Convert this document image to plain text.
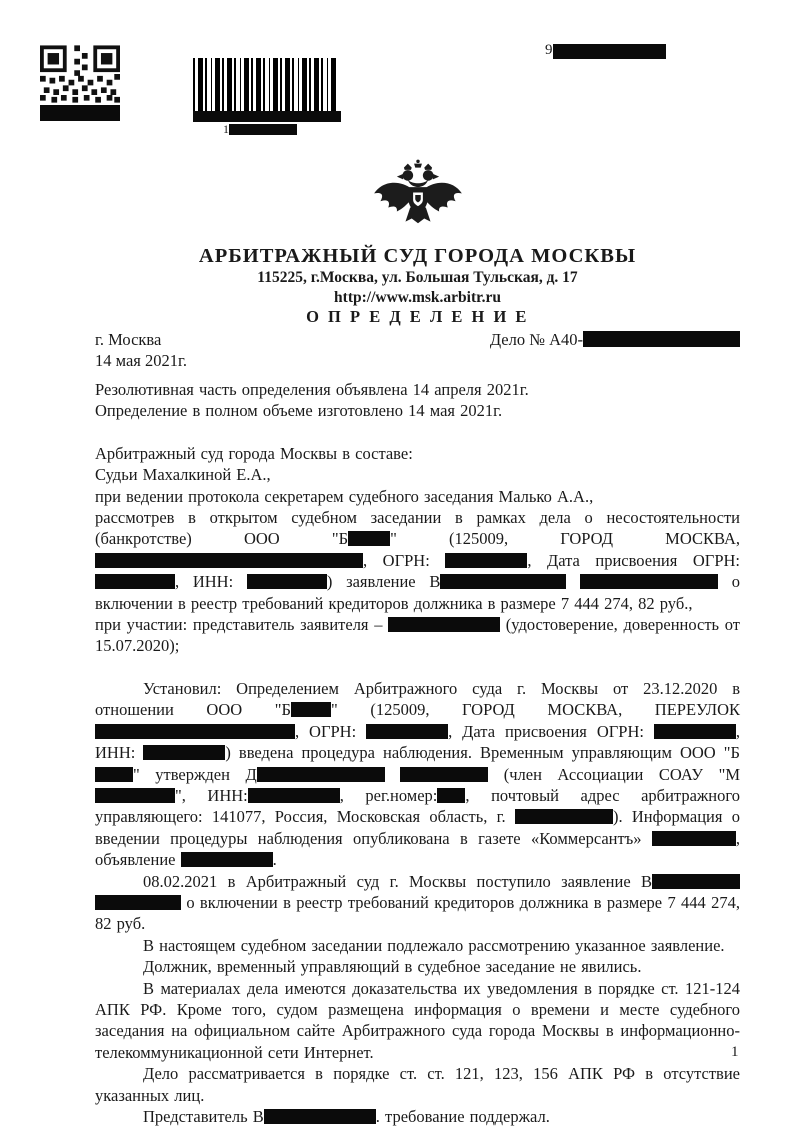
1
9
АРБИТРАЖНЫЙ СУД ГОРОДА МОСКВЫ
115225, г.Москва, ул. Большая Тульская, д. 17
http://www.msk.arbitr.ru
О П Р Е Д Е Л Е Н И Е
г. Москва	Дело № А40-
14 мая 2021г.

Резолютивная часть определения объявлена 14 апреля 2021г.

Определение в полном объеме изготовлено 14 мая 2021г.

Арбитражный суд города Москвы в составе:

Судьи Махалкиной Е.А.,

при ведении протокола секретарем судебного заседания Малько А.А.,

рассмотрев в открытом судебном заседании в рамках дела о несостоятельности (банкротстве) ООО "Б	" (125009, ГОРОД МОСКВА, , ОГРН:	, Дата присвоения ОГРН: , ИНН:	) заявление В	о включении в реестр требований кредиторов должника в размере 7 444 274, 82 руб.,

при участии: представитель заявителя –	(удостоверение, доверенность от 15.07.2020);

Установил: Определением Арбитражного суда г. Москвы от 23.12.2020 в отношении ООО "Б " (125009, ГОРОД МОСКВА, ПЕРЕУЛОК , ОГРН:	, Дата присвоения ОГРН:	, ИНН:	) введена процедура наблюдения. Временным управляющим ООО "Б" утвержден Д	(член Ассоциации СОАУ "М", ИНН:	, рег.номер: , почтовый адрес арбитражного управляющего: 141077, Россия, Московская область, г.	). Информация о введении процедуры наблюдения опубликована в газете «Коммерсантъ»	, объявление	.

08.02.2021 в Арбитражный суд г. Москвы поступило заявление В  о включении в реестр требований кредиторов должника в размере 7 444 274, 82 руб.

В настоящем судебном заседании подлежало рассмотрению указанное заявление.

Должник, временный управляющий в судебное заседание не явились.

В материалах дела имеются доказательства их уведомления в порядке ст. 121-124 АПК РФ. Кроме того, судом размещена информация о времени и месте судебного заседания на официальном сайте Арбитражного суда города Москвы в информационно-телекоммуникационной сети Интернет.

Дело рассматривается в порядке ст. ст. 121, 123, 156 АПК РФ в отсутствие указанных лиц.

Представитель В	. требование поддержал.

1
